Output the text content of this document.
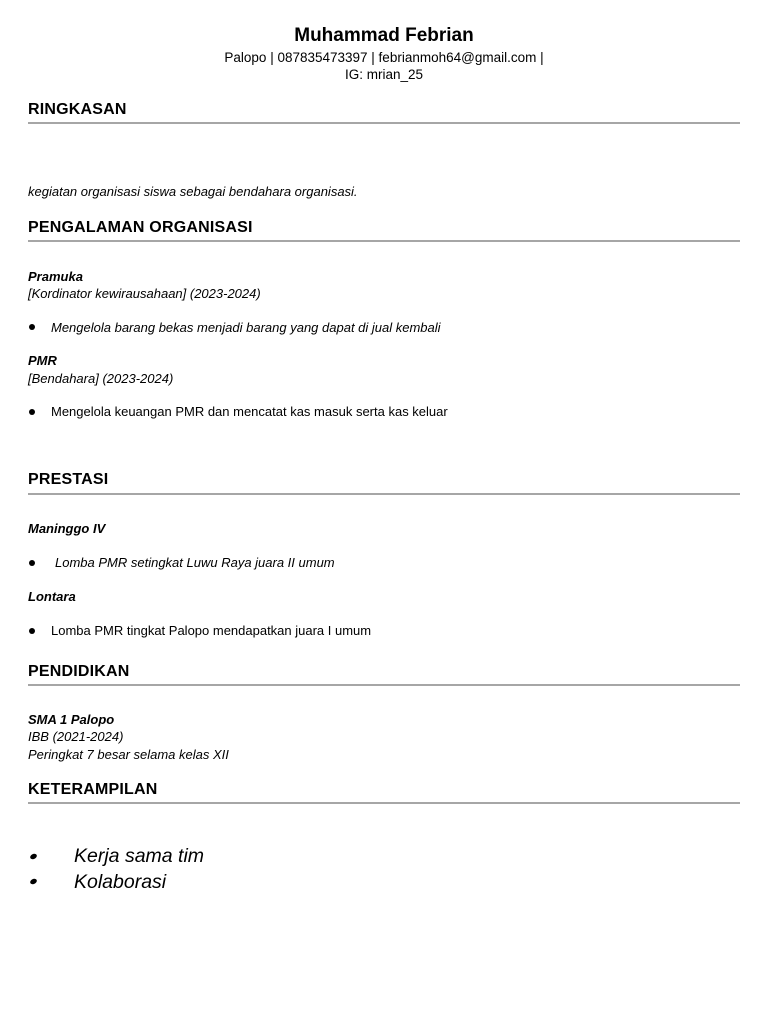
Muhammad Febrian
Palopo | 087835473397 | febrianmoh64@gmail.com |
IG: mrian_25
RINGKASAN
kegiatan organisasi siswa sebagai bendahara organisasi.
PENGALAMAN ORGANISASI
Pramuka
[Kordinator kewirausahaan] (2023-2024)
Mengelola barang bekas menjadi barang yang dapat di jual kembali
PMR
[Bendahara] (2023-2024)
Mengelola keuangan PMR dan mencatat kas masuk serta kas keluar
PRESTASI
Maninggo IV
Lomba PMR setingkat Luwu Raya juara II umum
Lontara
Lomba PMR tingkat Palopo mendapatkan juara I umum
PENDIDIKAN
SMA 1 Palopo
IBB (2021-2024)
Peringkat 7 besar selama kelas XII
KETERAMPILAN
Kerja sama tim
Kolaborasi
